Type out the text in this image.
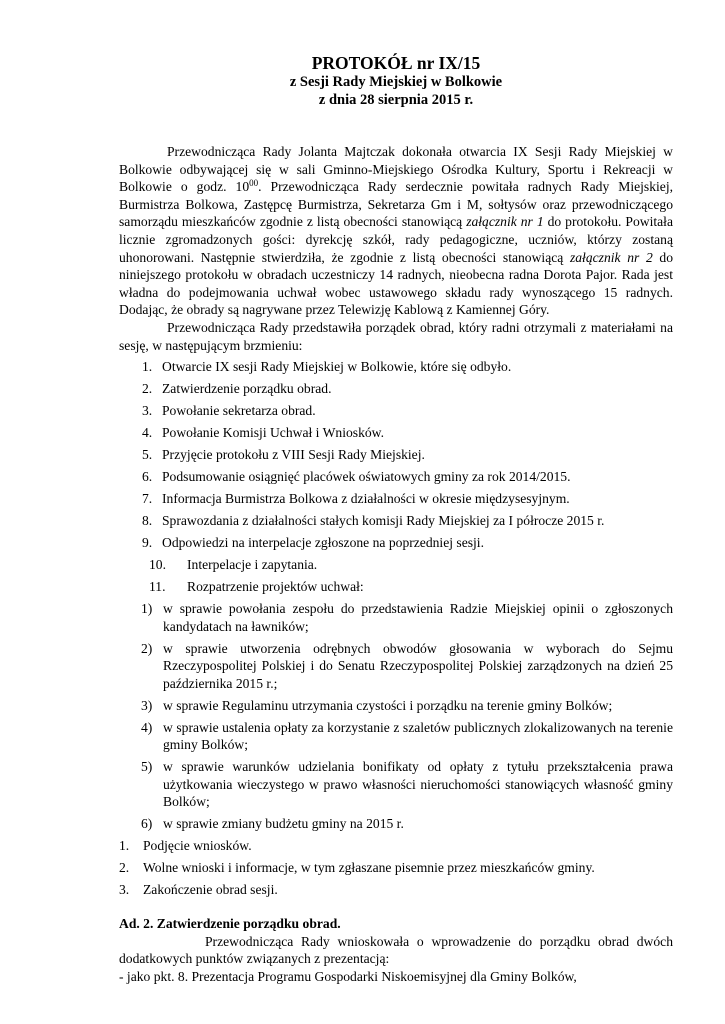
PROTOKÓŁ nr IX/15
z Sesji Rady Miejskiej w Bolkowie
z dnia 28 sierpnia 2015 r.

Przewodnicząca Rady Jolanta Majtczak dokonała otwarcia IX Sesji Rady Miejskiej w Bolkowie odbywającej się w sali Gminno-Miejskiego Ośrodka Kultury, Sportu i Rekreacji w Bolkowie o godz. $10^{00}$. Przewodnicząca Rady serdecznie powitała radnych Rady Miejskiej, Burmistrza Bolkowa, Zastępcę Burmistrza, Sekretarza Gm i M, sołtysów oraz przewodniczącego samorządu mieszkańców zgodnie z listą obecności stanowiącą załącznik nr 1 do protokołu. Powitała licznie zgromadzonych gości: dyrekcję szkół, rady pedagogiczne, uczniów, którzy zostaną uhonorowani. Następnie stwierdziła, że zgodnie z listą obecności stanowiącą załącznik nr 2 do niniejszego protokołu w obradach uczestniczy 14 radnych, nieobecna radna Dorota Pajor. Rada jest władna do podejmowania uchwał wobec ustawowego składu rady wynoszącego 15 radnych. Dodając, że obrady są nagrywane przez Telewizję Kablową z Kamiennej Góry.

Przewodnicząca Rady przedstawiła porządek obrad, który radni otrzymali z materiałami na sesję, w następującym brzmieniu:

1. Otwarcie IX sesji Rady Miejskiej w Bolkowie, które się odbyło.
2. Zatwierdzenie porządku obrad.
3. Powołanie sekretarza obrad.
4. Powołanie Komisji Uchwał i Wniosków.
5. Przyjęcie protokołu z VIII Sesji Rady Miejskiej.
6. Podsumowanie osiągnięć placówek oświatowych gminy za rok 2014/2015.
7. Informacja Burmistrza Bolkowa z działalności w okresie międzysesyjnym.
8. Sprawozdania z działalności stałych komisji Rady Miejskiej za I półrocze 2015 r.
9. Odpowiedzi na interpelacje zgłoszone na poprzedniej sesji.
10.	Interpelacje i zapytania.
11.	Rozpatrzenie projektów uchwał:
1) w sprawie powołania zespołu do przedstawienia Radzie Miejskiej opinii o zgłoszonych kandydatach na ławników;
2) w sprawie utworzenia odrębnych obwodów głosowania w wyborach do Sejmu Rzeczypospolitej Polskiej i do Senatu Rzeczypospolitej Polskiej zarządzonych na dzień 25 października 2015 r.;
3) w sprawie Regulaminu utrzymania czystości i porządku na terenie gminy Bolków;
4) w sprawie ustalenia opłaty za korzystanie z szaletów publicznych zlokalizowanych na terenie gminy Bolków;
5) w sprawie warunków udzielania bonifikaty od opłaty z tytułu przekształcenia prawa użytkowania wieczystego w prawo własności nieruchomości stanowiących własność gminy Bolków;
6) w sprawie zmiany budżetu gminy na 2015 r.
1.	Podjęcie wniosków.
2.	Wolne wnioski i informacje, w tym zgłaszane pisemnie przez mieszkańców gminy.
3.	Zakończenie obrad sesji.
Ad. 2. Zatwierdzenie porządku obrad.

Przewodnicząca Rady wnioskowała o wprowadzenie do porządku obrad dwóch dodatkowych punktów związanych z prezentacją:

- jako pkt. 8. Prezentacja Programu Gospodarki Niskoemisyjnej dla Gminy Bolków,
